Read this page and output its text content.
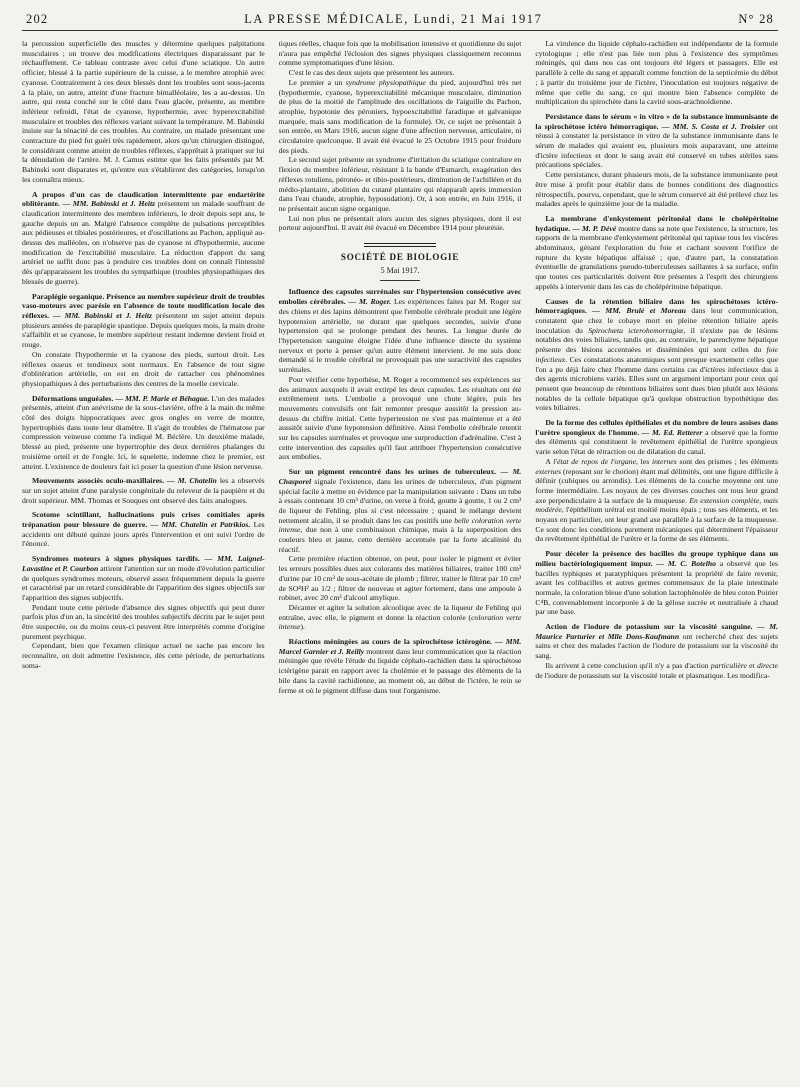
202	LA PRESSE MÉDICALE, Lundi, 21 Mai 1917	N° 28

la percussion superficielle des muscles y détermine quelques palpitations musculaires ; on trouve des modifications électriques disparaissant par le réchauffement. Ce tableau contraste avec celui d'une sciatique. Un autre officier, blessé à la partie supérieure de la cuisse, a le membre atrophié avec cyanose. Contrairement à ces deux blessés dont les troubles sont sous-jacents à la plaie, un autre, atteint d'une fracture bimalléolaire, les a au-dessus. Un autre, qui resta couché sur le côté dans l'eau glacée, présente, au membre inférieur refroidi, l'état de cyanose, hypothermie, avec hyperexcitabilité musculaire et troubles des réflexes variant suivant la température. M. Babinski insiste sur la ténacité de ces troubles. Au contraire, un malade présentant une contracture du pied fut guéri très rapidement, alors qu'un chirurgien distingué, le considérant comme atteint de troubles réflexes, s'apprêtait à pratiquer sur lui la dénudation de l'artère. M. J. Camus estime que les faits présentés par M. Babinski sont disparates et, qu'entre eux s'établiront des catégories, lorsqu'on les connaîtra mieux.

A propos d'un cas de claudication intermittente par endartérite oblitérante. — MM. Babinski et J. Heitz présentent un malade souffrant de claudication intermittente des membres inférieurs, le droit depuis sept ans, le gauche depuis un an. Malgré l'absence complète de pulsations perceptibles aux pédieuses et tibiales postérieures, et d'oscillations au Pachon, appliqué au-dessus des malléoles, on n'observe pas de cyanose ni d'hypothermie, aucune modification de l'excitabilité musculaire. La réduction d'apport du sang artériel ne suffit donc pas à produire ces troubles dont on connaît l'intensité dès qu'apparaissent les troubles du sympathique (troubles physiopathiques des blessés de guerre).

Paraplégie organique. Présence au membre supérieur droit de troubles vaso-moteurs avec parésie en l'absence de toute modification locale des réflexes. — MM. Babinski et J. Heitz présentent un sujet atteint depuis plusieurs années de paraplégie spastique. Depuis quelques mois, la main droite s'affaiblit et se cyanose, le membre supérieur restant indemne devient froid et rouge.

On constate l'hypothermie et la cyanose des pieds, surtout droit. Les réflexes osseux et tendineux sont normaux. En l'absence de tout signe d'oblitération artérielle, on est en droit de rattacher ces phénomènes physiopathiques à des perturbations des centres de la moelle cervicale.

Déformations unguéales. — MM. P. Marie et Béhague. L'un des malades présentés, atteint d'un anévrisme de la sous-clavière, offre à la main du même côté des doigts hippocratiques avec gros ongles en verre de montre, hypertrophiés dans toute leur diamètre. Il s'agit de troubles de l'hématose par compression veineuse comme l'a indiqué M. Béclère. Un deuxième malade, blessé au pied, présente une hypertrophie des deux dernières phalanges du troisième orteil et de l'ongle. Ici, le squelette, indemne chez le premier, est atteint. L'existence de douleurs fait ici poser la question d'une lésion nerveuse.

Mouvements associés oculo-maxillaires. — M. Chatelin les a observés sur un sujet atteint d'une paralysie congénitale du releveur de la paupière et du droit supérieur. MM. Thomas et Souques ont observé des faits analogues.

Scotome scintillant, hallucinations puis crises comitiales après trépanation pour blessure de guerre. — MM. Chatelin et Patrikios. Les accidents ont débuté quinze jours après l'intervention et ont suivi l'ordre de l'énoncé.

Syndromes moteurs à signes physiques tardifs. — MM. Laignel-Lavastine et P. Courbon attirent l'attention sur un mode d'évolution particulier de quelques syndromes moteurs, observé assez fréquemment depuis la guerre et caractérisé par un retard considérable de l'apparition des signes objectifs sur l'apparition des signes subjectifs.

Pendant toute cette période d'absence des signes objectifs qui peut durer parfois plus d'un an, la sincérité des troubles subjectifs décrits par le sujet peut être suspectée, ou du moins ceux-ci peuvent être interprétés comme d'origine purement psychique.

Cependant, bien que l'examen clinique actuel ne sache pas encore les reconnaître, on doit admettre l'existence, dès cette période, de perturbations soma-

tiques réelles, chaque fois que la mobilisation intensive et quotidienne du sujet n'aura pas empêché l'éclosion des signes physiques classiquement reconnus comme symptomatiques d'une lésion.

C'est le cas des deux sujets que présentent les auteurs.

Le premier a un syndrome physiopathique du pied, aujourd'hui très net (hypothermie, cyanose, hyperexcitabilité mécanique musculaire, diminution de plus de la moitié de l'amplitude des oscillations de l'aiguille du Pachon, atrophie, hypotonie des péroniers, hypoexcitabilité faradique et galvanique marquée, mais sans modification de la formule). Or, ce sujet ne présentait à son entrée, en Mars 1916, aucun signe d'une affection nerveuse, articulaire, ni circulatoire quelconque. Il avait été évacué le 25 Octobre 1915 pour froidure des pieds.

Le second sujet présente un syndrome d'irritation du sciatique contralure en flexion du membre inférieur, résistant à la bande d'Esmarch, exagération des réflexes rotuliens, péronéo- et tibio-postérieurs, diminution de l'achilléen et du médio-plantaire, abolition du cutané plantaire qui réapparaît après immersion dans l'eau chaude, atrophie, hyposudation). Or, à son entrée, en Juin 1916, il ne présentait aucun signe organique.

Lui non plus ne présentait alors aucun des signes physiques, dont il est porteur aujourd'hui. Il avait été évacué en Décembre 1914 pour pleurésie.

SOCIÉTÉ DE BIOLOGIE
5 Mai 1917.

Influence des capsules surrénales sur l'hypertension consécutive avec embolies cérébrales. — M. Roger. Les expériences faites par M. Roger sur des chiens et des lapins démontrent que l'embolie cérébrale produit une légère hypotension artérielle, ne durant que quelques secondes, suivie d'une hypertension qui se prolonge pendant des heures. La longue durée de l'hypertension sanguine éloigne l'idée d'une influence directe du système nerveux et porte à penser qu'un autre élément intervient. Je me suis donc demandé si le trouble cérébral ne provoquait pas une suractivité des capsules surrénales.

Pour vérifier cette hypothèse, M. Roger a recommencé ses expériences sur des animaux auxquels il avait extirpé les deux capsules. Les résultats ont été extrêmement nets. L'embolie a provoqué une chute légère, puis les mouvements convulsifs ont fait remonter presque aussitôt la pression au-dessus du chiffre initial. Cette hypertension ne s'est pas maintenue et a été aussitôt suivie d'une hypotension définitive. Ainsi l'embolie cérébrale retentit sur les capsules surrénales et provoque une surproduction d'adrénaline. C'est à cette intervention des capsules qu'il faut attribuer l'hypertension consécutive aux embolies.

Sur un pigment rencontré dans les urines de tuberculeux. — M. Chasporel signale l'existence, dans les urines de tuberculeux, d'un pigment spécial facile à mettre en évidence par la manipulation suivante : Dans un tube à essais contenant 10 cm³ d'urine, on verse à froid, goutte à goutte, 1 ou 2 cm³ de liqueur de Fehling, plus si c'est nécessaire ; quand le mélange devient nettement alcalin, il se produit dans les cas positifs une belle coloration verte intense, due non à une combinaison chimique, mais à la superposition des couleurs bleu et jaune, cette dernière accentuée par la forte alcalinité du réactif.

Cette première réaction obtenue, on peut, pour isoler le pigment et éviter les erreurs possibles dues aux colorants des matières biliaires, traiter 100 cm³ d'urine par 10 cm³ de sous-acétate de plomb ; filtrer, traiter le filtrat par 10 cm³ de SO⁴H² au 1/2 ; filtrer de nouveau et agiter fortement, dans une ampoule à robinet, avec 20 cm³ d'alcool amylique.

Décanter et agiter la solution alcoolique avec de la liqueur de Fehling qui entraîne, avec elle, le pigment et donne la réaction colorée (coloration verte intense).

Réactions méningées au cours de la spirochétose ictérogène. — MM. Marcel Garnier et J. Reilly montrent dans leur communication que la réaction méningée que révèle l'étude du liquide céphalo-rachidien dans la spirochétose ictérigène parait en rapport avec la cholémie et le passage des éléments de la bile dans la cavité rachidienne, au moment où, au début de l'ictère, le rein se ferme et où le pigment diffuse dans tout l'organisme.

La virulence du liquide céphalo-rachidien est indépendante de la formule cytologique ; elle n'est pas liée non plus à l'existence des symptômes méningés, qui dans nos cas ont toujours été légers et passagers. Elle est parallèle à celle du sang et apparaît comme fonction de la septicémie du début ; à partir du troisième jour de l'ictère, l'inoculation est toujours négative de même que celle du sang, ce qui montre bien l'absence complète de multiplication du spirochète dans la cavité sous-arachnoïdienne.

Persistance dans le sérum « in vitro » de la substance immunisante de la spirochétose ictéro hémorragique. — MM. S. Costa et J. Troisier ont réussi à constater la persistance in vitro de la substance immunisante dans le sérum de malades qui avaient eu, plusieurs mois auparavant, une atteinte d'ictère infectieux et dont le sang avait été conservé en tubes stériles sans précautions spéciales.

Cette persistance, durant plusieurs mois, de la substance immunisante peut être mise à profit pour établir dans de bonnes conditions des diagnostics rétrospectifs, pourvu, cependant, que le sérum conservé ait été prélevé chez les malades après le quinzième jour de la maladie.

La membrane d'enkystement péritonéal dans le cholépéritoine hydatique. — M. P. Dévé montre dans sa note que l'existence, la structure, les rapports de la membrane d'enkystement péritonéal qui tapisse tous les viscères abdominaux, génant l'exploration du foie et cachant souvent l'orifice de rupture du kyste hépatique affaissé ; que, d'autre part, la constatation éventuelle de granulations pseudo-tuberculeuses saillantes à sa surface, enfin que toutes ces particularités doivent être présentes à l'esprit des chirurgiens appelés à intervenir dans les cas de cholépéritoine hépatique.

Causes de la rétention biliaire dans les spirochétoses ictéro-hémorragiques. — MM. Brulé et Moreau dans leur communication, constatent que chez le cobaye mort en pleine rétention biliaire après inoculation du Spirochæta icterohemorragiæ, il n'existe pas de lésions notables des voies biliaires, tandis que, au contraire, le parenchyme hépatique présente des lésions accentuées et disséminées qui sont celles du foie infectieux. Ces constatations anatomiques sont presque exactement celles que l'on a pu déjà faire chez l'homme dans certains cas d'ictères infectieux dus à des agents microbiens variés. Elles sont un argument important pour ceux qui pensent que beaucoup de rétentions biliaires sont dues bien plutôt aux lésions notables de la cellule hépatique qu'à quelque obstruction hypothétique des voies biliaires.

De la forme des cellules épithéliales et du nombre de leurs assises dans l'urètre spongieux de l'homme. — M. Ed. Retterer a observé que la forme des éléments qui constituent le revêtement épithélial de l'urètre spongieux varie selon l'état de rétraction ou de dilatation du canal.

A l'état de repos de l'organe, les internes sont des prismes ; les éléments externes (reposant sur le chorion) étant mal délimités, ont une figure difficile à définir (cubiques ou arrondis). Les éléments de la couche moyenne ont une forme intermédiaire. Les noyaux de ces diverses couches ont tous leur grand axe perpendiculaire à la surface de la muqueuse. En extension complète, mais modérée, l'épithélium urétral est moitié moins épais ; tous ses éléments, et les noyaux en particulier, ont leur grand axe parallèle à la surface de la muqueuse. Ce sont donc les conditions purement mécaniques qui déterminent l'épaisseur du revêtement épithélial de l'urètre et la forme de ses éléments.

Pour déceler la présence des bacilles du groupe typhique dans un milieu bactériologiquement impur. — M. C. Botelho a observé que les bacilles typhiques et paratyphiques présentent la propriété de faire revenir, avant les colibacilles et autres germes commensaux de la plaie intestinale normale, la coloration bleue d'une solution lactophénolée de bleu coton Poirier C⁴B, convenablement incorporée à de la gélose sucrée et neutralisée à chaud par une base.

Action de l'iodure de potassium sur la viscosité sanguine. — M. Maurice Parturier et Mlle Dons-Kaufmann ont recherché chez des sujets sains et chez des malades l'action de l'iodure de potassium sur la viscosité du sang.

Ils arrivent à cette conclusion qu'il n'y a pas d'action particulière et directe de l'iodure de potassium sur la viscosité totale et plasmatique. Les modifica-
